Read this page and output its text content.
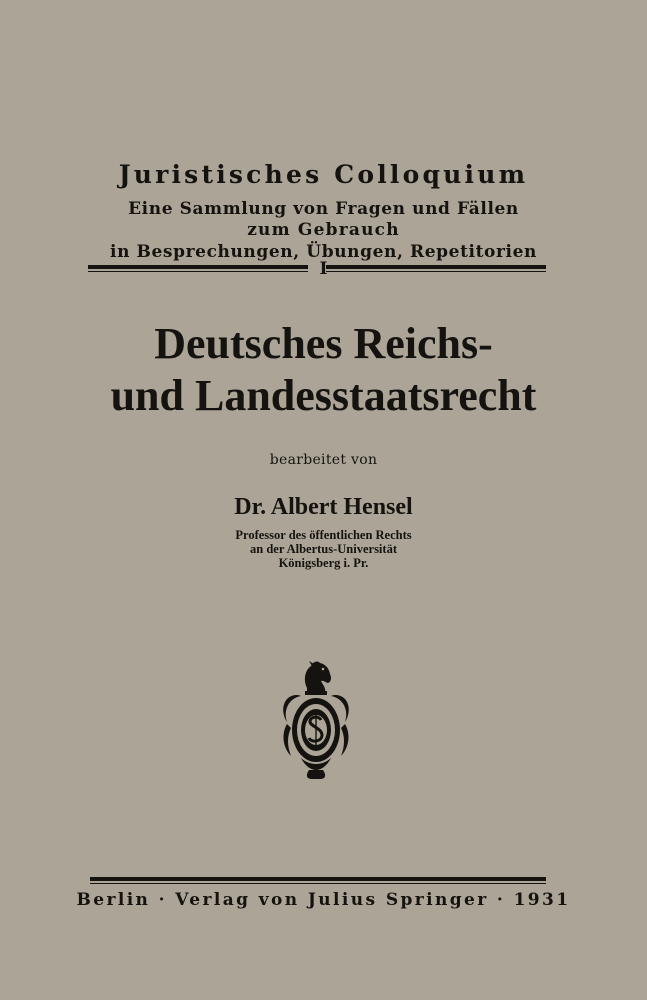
Juristisches Colloquium
Eine Sammlung von Fragen und Fällen
zum Gebrauch
in Besprechungen, Übungen, Repetitorien
I
Deutsches Reichs-
und Landesstaatsrecht
bearbeitet von
Dr. Albert Hensel
Professor des öffentlichen Rechts
an der Albertus-Universität
Königsberg i. Pr.
Berlin · Verlag von Julius Springer · 1931
